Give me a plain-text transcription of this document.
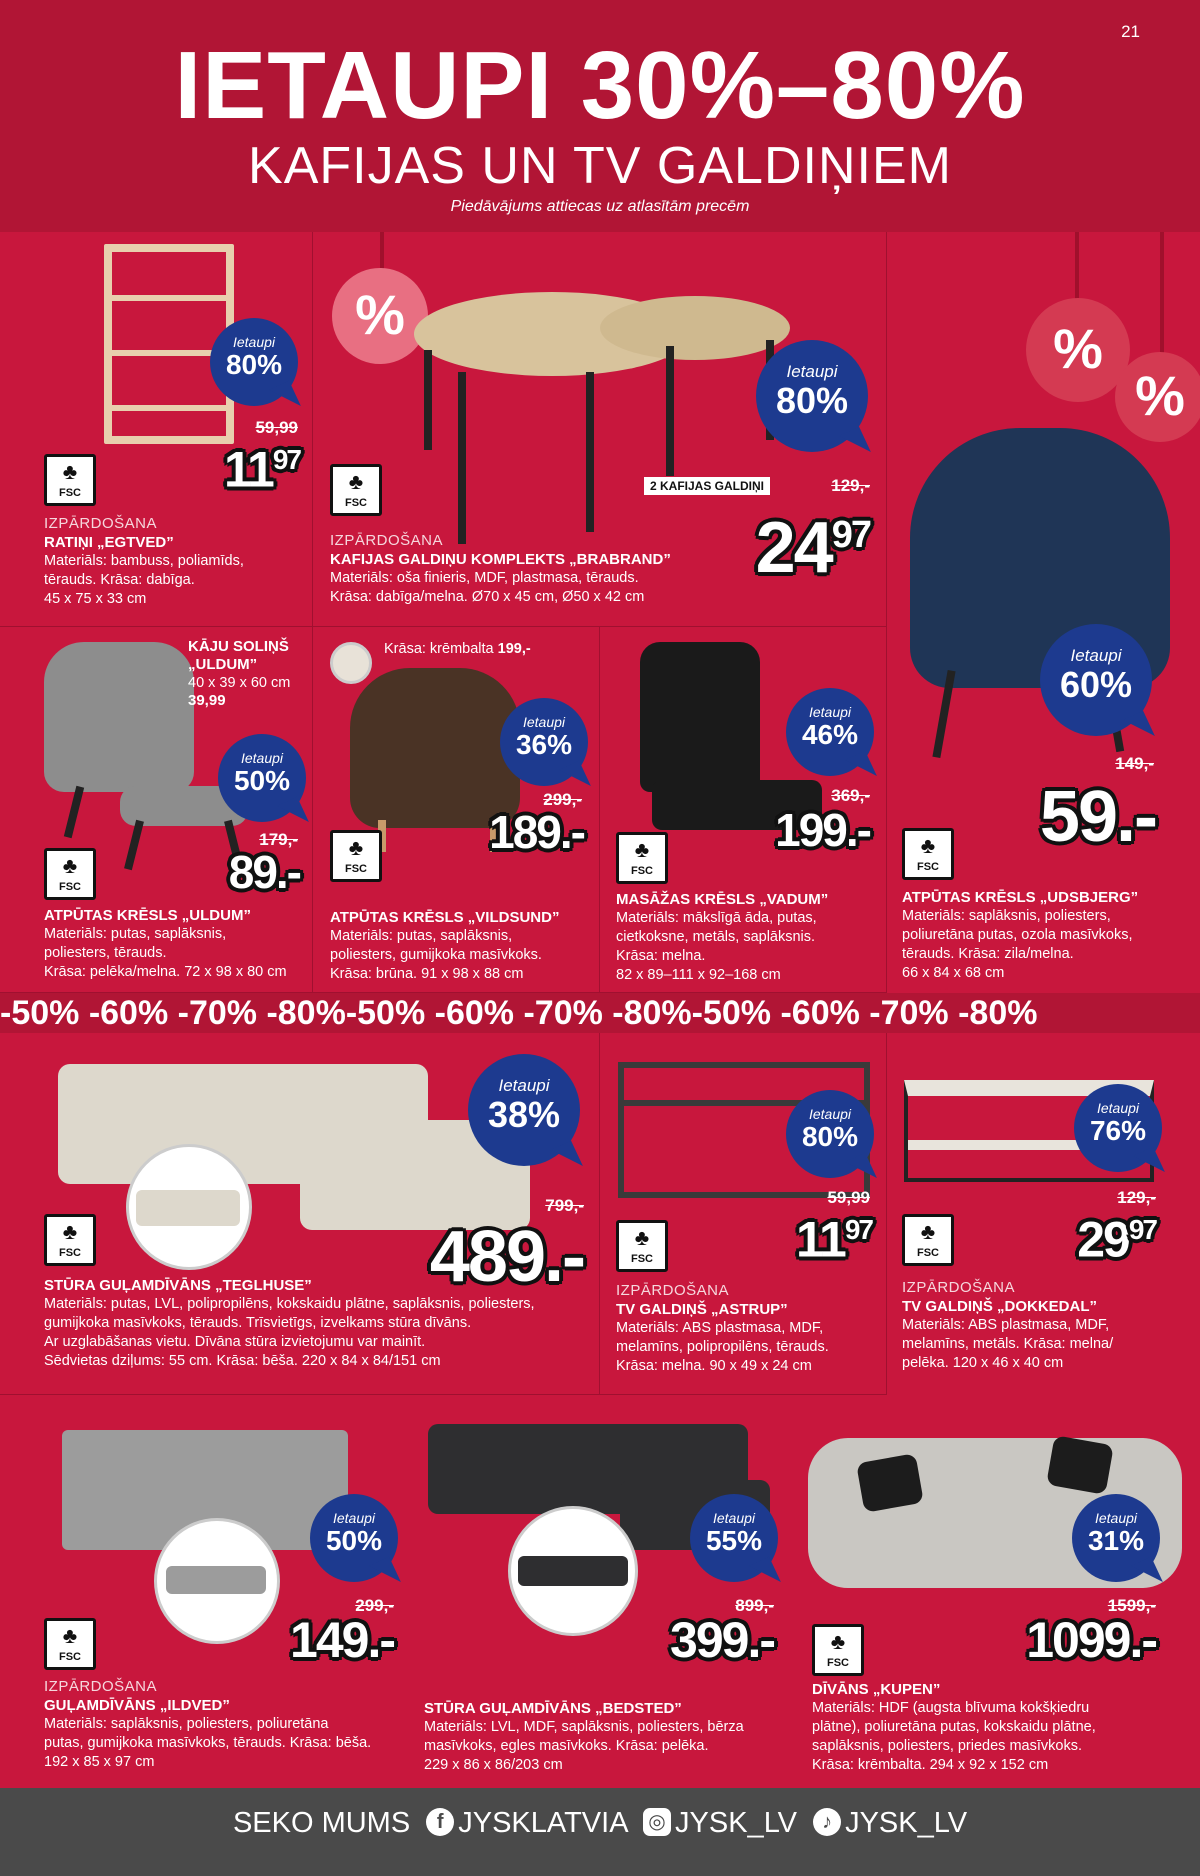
21
IETAUPI 30%–80%
KAFIJAS UN TV GALDIŅIEM
Piedāvājums attiecas uz atlasītām precēm
Ietaupi
80%
59,99
$11^{97}$
♣
FSC
IZPĀRDOŠANA
RATIŅI „EGTVED”
Materiāls: bambuss, poliamīds,
tērauds. Krāsa: dabīga.
45 x 75 x 33 cm
%
Ietaupi
80%
2 KAFIJAS GALDIŅI	129,-
$24^{97}$
♣
FSC
IZPĀRDOŠANA
KAFIJAS GALDIŅU KOMPLEKTS „BRABRAND”
Materiāls: oša finieris, MDF, plastmasa, tērauds.
Krāsa: dabīga/melna. Ø70 x 45 cm, Ø50 x 42 cm
%
%
Ietaupi
60%
149,-
59.-
♣
FSC
ATPŪTAS KRĒSLS „UDSBJERG”
Materiāls: saplāksnis, poliesters,
poliuretāna putas, ozola masīvkoks,
tērauds. Krāsa: zila/melna.
66 x 84 x 68 cm
KĀJU SOLIŅŠ
„ULDUM”
40 x 39 x 60 cm
39,99
Ietaupi
50%
179,-
89.-
♣
FSC
ATPŪTAS KRĒSLS „ULDUM”
Materiāls: putas, saplāksnis,
poliesters, tērauds.
Krāsa: pelēka/melna. 72 x 98 x 80 cm
Krāsa: krēmbalta 199,-
Ietaupi
36%
299,-
189.-
♣
FSC
ATPŪTAS KRĒSLS „VILDSUND”
Materiāls: putas, saplāksnis,
poliesters, gumijkoka masīvkoks.
Krāsa: brūna. 91 x 98 x 88 cm
Ietaupi
46%
369,-
199.-
♣
FSC
MASĀŽAS KRĒSLS „VADUM”
Materiāls: mākslīgā āda, putas,
cietkoksne, metāls, saplāksnis.
Krāsa: melna.
82 x 89–111 x 92–168 cm
-50% -60% -70% -80%-50% -60% -70% -80%-50% -60% -70% -80%
Ietaupi
38%
799,-
489.-
♣
FSC
STŪRA GUĻAMDĪVĀNS „TEGLHUSE”
Materiāls: putas, LVL, polipropilēns, kokskaidu plātne, saplāksnis, poliesters,
gumijkoka masīvkoks, tērauds. Trīsvietīgs, izvelkams stūra dīvāns.
Ar uzglabāšanas vietu. Dīvāna stūra izvietojumu var mainīt.
Sēdvietas dziļums: 55 cm. Krāsa: bēša. 220 x 84 x 84/151 cm
Ietaupi
80%
59,99
$11^{97}$
♣
FSC
IZPĀRDOŠANA
TV GALDIŅŠ „ASTRUP”
Materiāls: ABS plastmasa, MDF,
melamīns, polipropilēns, tērauds.
Krāsa: melna. 90 x 49 x 24 cm
Ietaupi
76%
129,-
$29^{97}$
♣
FSC
IZPĀRDOŠANA
TV GALDIŅŠ „DOKKEDAL”
Materiāls: ABS plastmasa, MDF,
melamīns, metāls. Krāsa: melna/
pelēka. 120 x 46 x 40 cm
Ietaupi
50%
299,-
149.-
♣
FSC
IZPĀRDOŠANA
GUĻAMDĪVĀNS „ILDVED”
Materiāls: saplāksnis, poliesters, poliuretāna
putas, gumijkoka masīvkoks, tērauds. Krāsa: bēša.
192 x 85 x 97 cm
Ietaupi
55%
899,-
399.-
STŪRA GUĻAMDĪVĀNS „BEDSTED”
Materiāls: LVL, MDF, saplāksnis, poliesters, bērza
masīvkoks, egles masīvkoks. Krāsa: pelēka.
229 x 86 x 86/203 cm
Ietaupi
31%
1599,-
1099.-
♣
FSC
DĪVĀNS „KUPEN”
Materiāls: HDF (augsta blīvuma kokšķiedru
plātne), poliuretāna putas, kokskaidu plātne,
saplāksnis, poliesters, priedes masīvkoks.
Krāsa: krēmbalta. 294 x 92 x 152 cm
SEKO MUMS f JYSKLATVIA ◎ JYSK_LV ♪ JYSK_LV
